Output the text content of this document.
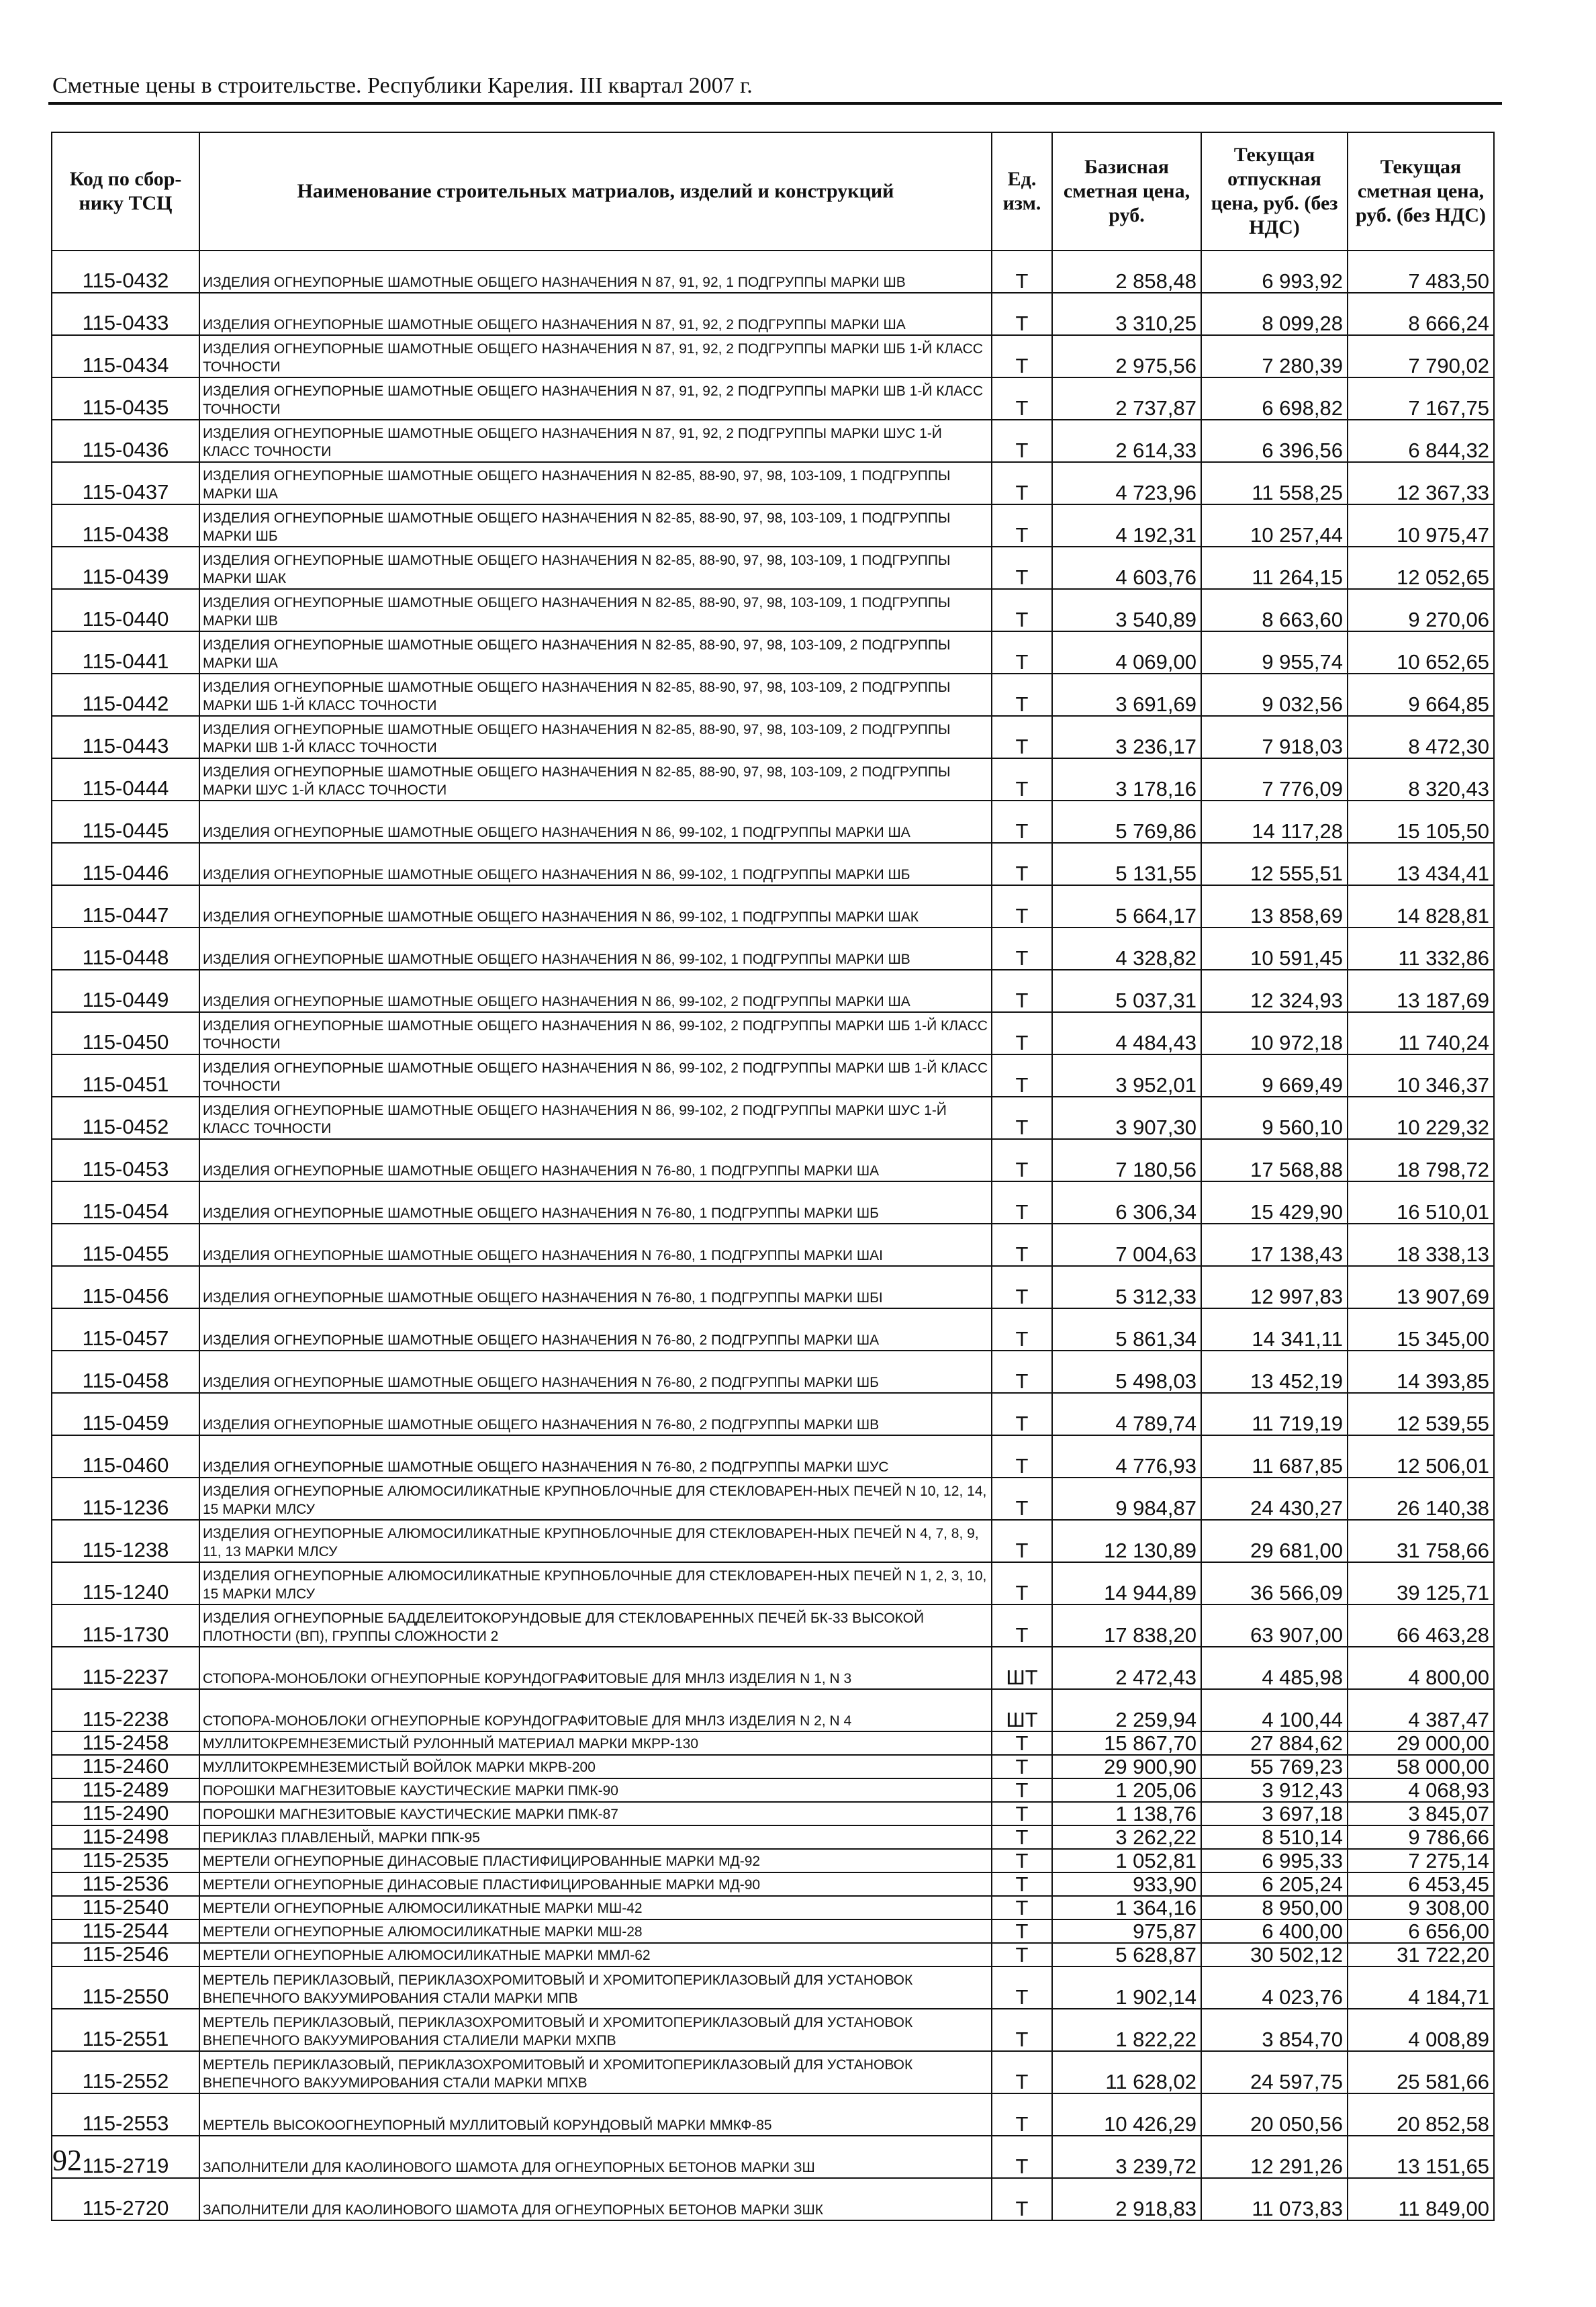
Сметные цены в строительстве. Республики Карелия. III квартал 2007 г.
Код по сбор-нику ТСЦ	Наименование строительных матриалов, изделий и конструкций	Ед. изм.	Базисная сметная цена, руб.	Текущая отпускная цена, руб. (без НДС)	Текущая сметная цена, руб. (без НДС)
115-0432	ИЗДЕЛИЯ ОГНЕУПОРНЫЕ ШАМОТНЫЕ ОБЩЕГО НАЗНАЧЕНИЯ N 87, 91, 92, 1 ПОДГРУППЫ МАРКИ ШВ	Т	2 858,48	6 993,92	7 483,50
115-0433	ИЗДЕЛИЯ ОГНЕУПОРНЫЕ ШАМОТНЫЕ ОБЩЕГО НАЗНАЧЕНИЯ N 87, 91, 92, 2 ПОДГРУППЫ МАРКИ ША	Т	3 310,25	8 099,28	8 666,24
115-0434	ИЗДЕЛИЯ ОГНЕУПОРНЫЕ ШАМОТНЫЕ ОБЩЕГО НАЗНАЧЕНИЯ N 87, 91, 92, 2 ПОДГРУППЫ МАРКИ ШБ 1-Й КЛАСС ТОЧНОСТИ	Т	2 975,56	7 280,39	7 790,02
115-0435	ИЗДЕЛИЯ ОГНЕУПОРНЫЕ ШАМОТНЫЕ ОБЩЕГО НАЗНАЧЕНИЯ N 87, 91, 92, 2 ПОДГРУППЫ МАРКИ ШВ 1-Й КЛАСС ТОЧНОСТИ	Т	2 737,87	6 698,82	7 167,75
115-0436	ИЗДЕЛИЯ ОГНЕУПОРНЫЕ ШАМОТНЫЕ ОБЩЕГО НАЗНАЧЕНИЯ N 87, 91, 92, 2 ПОДГРУППЫ МАРКИ ШУС 1-Й КЛАСС ТОЧНОСТИ	Т	2 614,33	6 396,56	6 844,32
115-0437	ИЗДЕЛИЯ ОГНЕУПОРНЫЕ ШАМОТНЫЕ ОБЩЕГО НАЗНАЧЕНИЯ N 82-85, 88-90, 97, 98, 103-109, 1 ПОДГРУППЫ МАРКИ ША	Т	4 723,96	11 558,25	12 367,33
115-0438	ИЗДЕЛИЯ ОГНЕУПОРНЫЕ ШАМОТНЫЕ ОБЩЕГО НАЗНАЧЕНИЯ N 82-85, 88-90, 97, 98, 103-109, 1 ПОДГРУППЫ МАРКИ ШБ	Т	4 192,31	10 257,44	10 975,47
115-0439	ИЗДЕЛИЯ ОГНЕУПОРНЫЕ ШАМОТНЫЕ ОБЩЕГО НАЗНАЧЕНИЯ N 82-85, 88-90, 97, 98, 103-109, 1 ПОДГРУППЫ МАРКИ ШАК	Т	4 603,76	11 264,15	12 052,65
115-0440	ИЗДЕЛИЯ ОГНЕУПОРНЫЕ ШАМОТНЫЕ ОБЩЕГО НАЗНАЧЕНИЯ N 82-85, 88-90, 97, 98, 103-109, 1 ПОДГРУППЫ МАРКИ ШВ	Т	3 540,89	8 663,60	9 270,06
115-0441	ИЗДЕЛИЯ ОГНЕУПОРНЫЕ ШАМОТНЫЕ ОБЩЕГО НАЗНАЧЕНИЯ N 82-85, 88-90, 97, 98, 103-109, 2 ПОДГРУППЫ МАРКИ ША	Т	4 069,00	9 955,74	10 652,65
115-0442	ИЗДЕЛИЯ ОГНЕУПОРНЫЕ ШАМОТНЫЕ ОБЩЕГО НАЗНАЧЕНИЯ N 82-85, 88-90, 97, 98, 103-109, 2 ПОДГРУППЫ МАРКИ ШБ 1-Й КЛАСС ТОЧНОСТИ	Т	3 691,69	9 032,56	9 664,85
115-0443	ИЗДЕЛИЯ ОГНЕУПОРНЫЕ ШАМОТНЫЕ ОБЩЕГО НАЗНАЧЕНИЯ N 82-85, 88-90, 97, 98, 103-109, 2 ПОДГРУППЫ МАРКИ ШВ 1-Й КЛАСС ТОЧНОСТИ	Т	3 236,17	7 918,03	8 472,30
115-0444	ИЗДЕЛИЯ ОГНЕУПОРНЫЕ ШАМОТНЫЕ ОБЩЕГО НАЗНАЧЕНИЯ N 82-85, 88-90, 97, 98, 103-109, 2 ПОДГРУППЫ МАРКИ ШУС 1-Й КЛАСС ТОЧНОСТИ	Т	3 178,16	7 776,09	8 320,43
115-0445	ИЗДЕЛИЯ ОГНЕУПОРНЫЕ ШАМОТНЫЕ ОБЩЕГО НАЗНАЧЕНИЯ N 86, 99-102, 1 ПОДГРУППЫ МАРКИ ША	Т	5 769,86	14 117,28	15 105,50
115-0446	ИЗДЕЛИЯ ОГНЕУПОРНЫЕ ШАМОТНЫЕ ОБЩЕГО НАЗНАЧЕНИЯ N 86, 99-102, 1 ПОДГРУППЫ МАРКИ ШБ	Т	5 131,55	12 555,51	13 434,41
115-0447	ИЗДЕЛИЯ ОГНЕУПОРНЫЕ ШАМОТНЫЕ ОБЩЕГО НАЗНАЧЕНИЯ N 86, 99-102, 1 ПОДГРУППЫ МАРКИ ШАК	Т	5 664,17	13 858,69	14 828,81
115-0448	ИЗДЕЛИЯ ОГНЕУПОРНЫЕ ШАМОТНЫЕ ОБЩЕГО НАЗНАЧЕНИЯ N 86, 99-102, 1 ПОДГРУППЫ МАРКИ ШВ	Т	4 328,82	10 591,45	11 332,86
115-0449	ИЗДЕЛИЯ ОГНЕУПОРНЫЕ ШАМОТНЫЕ ОБЩЕГО НАЗНАЧЕНИЯ N 86, 99-102, 2 ПОДГРУППЫ МАРКИ ША	Т	5 037,31	12 324,93	13 187,69
115-0450	ИЗДЕЛИЯ ОГНЕУПОРНЫЕ ШАМОТНЫЕ ОБЩЕГО НАЗНАЧЕНИЯ N 86, 99-102, 2 ПОДГРУППЫ МАРКИ ШБ 1-Й КЛАСС ТОЧНОСТИ	Т	4 484,43	10 972,18	11 740,24
115-0451	ИЗДЕЛИЯ ОГНЕУПОРНЫЕ ШАМОТНЫЕ ОБЩЕГО НАЗНАЧЕНИЯ N 86, 99-102, 2 ПОДГРУППЫ МАРКИ ШВ 1-Й КЛАСС ТОЧНОСТИ	Т	3 952,01	9 669,49	10 346,37
115-0452	ИЗДЕЛИЯ ОГНЕУПОРНЫЕ ШАМОТНЫЕ ОБЩЕГО НАЗНАЧЕНИЯ N 86, 99-102, 2 ПОДГРУППЫ МАРКИ ШУС 1-Й КЛАСС ТОЧНОСТИ	Т	3 907,30	9 560,10	10 229,32
115-0453	ИЗДЕЛИЯ ОГНЕУПОРНЫЕ ШАМОТНЫЕ ОБЩЕГО НАЗНАЧЕНИЯ N 76-80, 1 ПОДГРУППЫ МАРКИ ША	Т	7 180,56	17 568,88	18 798,72
115-0454	ИЗДЕЛИЯ ОГНЕУПОРНЫЕ ШАМОТНЫЕ ОБЩЕГО НАЗНАЧЕНИЯ N 76-80, 1 ПОДГРУППЫ МАРКИ ШБ	Т	6 306,34	15 429,90	16 510,01
115-0455	ИЗДЕЛИЯ ОГНЕУПОРНЫЕ ШАМОТНЫЕ ОБЩЕГО НАЗНАЧЕНИЯ N 76-80, 1 ПОДГРУППЫ МАРКИ ШАІ	Т	7 004,63	17 138,43	18 338,13
115-0456	ИЗДЕЛИЯ ОГНЕУПОРНЫЕ ШАМОТНЫЕ ОБЩЕГО НАЗНАЧЕНИЯ N 76-80, 1 ПОДГРУППЫ МАРКИ ШБІ	Т	5 312,33	12 997,83	13 907,69
115-0457	ИЗДЕЛИЯ ОГНЕУПОРНЫЕ ШАМОТНЫЕ ОБЩЕГО НАЗНАЧЕНИЯ N 76-80, 2 ПОДГРУППЫ МАРКИ ША	Т	5 861,34	14 341,11	15 345,00
115-0458	ИЗДЕЛИЯ ОГНЕУПОРНЫЕ ШАМОТНЫЕ ОБЩЕГО НАЗНАЧЕНИЯ N 76-80, 2 ПОДГРУППЫ МАРКИ ШБ	Т	5 498,03	13 452,19	14 393,85
115-0459	ИЗДЕЛИЯ ОГНЕУПОРНЫЕ ШАМОТНЫЕ ОБЩЕГО НАЗНАЧЕНИЯ N 76-80, 2 ПОДГРУППЫ МАРКИ ШВ	Т	4 789,74	11 719,19	12 539,55
115-0460	ИЗДЕЛИЯ ОГНЕУПОРНЫЕ ШАМОТНЫЕ ОБЩЕГО НАЗНАЧЕНИЯ N 76-80, 2 ПОДГРУППЫ МАРКИ ШУС	Т	4 776,93	11 687,85	12 506,01
115-1236	ИЗДЕЛИЯ ОГНЕУПОРНЫЕ АЛЮМОСИЛИКАТНЫЕ КРУПНОБЛОЧНЫЕ ДЛЯ СТЕКЛОВАРЕН-НЫХ ПЕЧЕЙ N 10, 12, 14, 15 МАРКИ МЛСУ	Т	9 984,87	24 430,27	26 140,38
115-1238	ИЗДЕЛИЯ ОГНЕУПОРНЫЕ АЛЮМОСИЛИКАТНЫЕ КРУПНОБЛОЧНЫЕ ДЛЯ СТЕКЛОВАРЕН-НЫХ ПЕЧЕЙ N 4, 7, 8, 9, 11, 13 МАРКИ МЛСУ	Т	12 130,89	29 681,00	31 758,66
115-1240	ИЗДЕЛИЯ ОГНЕУПОРНЫЕ АЛЮМОСИЛИКАТНЫЕ КРУПНОБЛОЧНЫЕ ДЛЯ СТЕКЛОВАРЕН-НЫХ ПЕЧЕЙ N 1, 2, 3, 10, 15 МАРКИ МЛСУ	Т	14 944,89	36 566,09	39 125,71
115-1730	ИЗДЕЛИЯ ОГНЕУПОРНЫЕ БАДДЕЛЕИТОКОРУНДОВЫЕ ДЛЯ СТЕКЛОВАРЕННЫХ ПЕЧЕЙ БК-33 ВЫСОКОЙ ПЛОТНОСТИ (ВП), ГРУППЫ СЛОЖНОСТИ 2	Т	17 838,20	63 907,00	66 463,28
115-2237	СТОПОРА-МОНОБЛОКИ ОГНЕУПОРНЫЕ КОРУНДОГРАФИТОВЫЕ ДЛЯ МНЛЗ ИЗДЕЛИЯ N 1, N 3	ШТ	2 472,43	4 485,98	4 800,00
115-2238	СТОПОРА-МОНОБЛОКИ ОГНЕУПОРНЫЕ КОРУНДОГРАФИТОВЫЕ ДЛЯ МНЛЗ ИЗДЕЛИЯ N 2, N 4	ШТ	2 259,94	4 100,44	4 387,47
115-2458	МУЛЛИТОКРЕМНЕЗЕМИСТЫЙ РУЛОННЫЙ МАТЕРИАЛ МАРКИ МКРР-130	Т	15 867,70	27 884,62	29 000,00
115-2460	МУЛЛИТОКРЕМНЕЗЕМИСТЫЙ ВОЙЛОК МАРКИ МКРВ-200	Т	29 900,90	55 769,23	58 000,00
115-2489	ПОРОШКИ МАГНЕЗИТОВЫЕ КАУСТИЧЕСКИЕ МАРКИ ПМК-90	Т	1 205,06	3 912,43	4 068,93
115-2490	ПОРОШКИ МАГНЕЗИТОВЫЕ КАУСТИЧЕСКИЕ МАРКИ ПМК-87	Т	1 138,76	3 697,18	3 845,07
115-2498	ПЕРИКЛАЗ ПЛАВЛЕНЫЙ, МАРКИ ППК-95	Т	3 262,22	8 510,14	9 786,66
115-2535	МЕРТЕЛИ ОГНЕУПОРНЫЕ ДИНАСОВЫЕ ПЛАСТИФИЦИРОВАННЫЕ МАРКИ МД-92	Т	1 052,81	6 995,33	7 275,14
115-2536	МЕРТЕЛИ ОГНЕУПОРНЫЕ ДИНАСОВЫЕ ПЛАСТИФИЦИРОВАННЫЕ МАРКИ МД-90	Т	933,90	6 205,24	6 453,45
115-2540	МЕРТЕЛИ ОГНЕУПОРНЫЕ АЛЮМОСИЛИКАТНЫЕ МАРКИ МШ-42	Т	1 364,16	8 950,00	9 308,00
115-2544	МЕРТЕЛИ ОГНЕУПОРНЫЕ АЛЮМОСИЛИКАТНЫЕ МАРКИ МШ-28	Т	975,87	6 400,00	6 656,00
115-2546	МЕРТЕЛИ ОГНЕУПОРНЫЕ АЛЮМОСИЛИКАТНЫЕ МАРКИ ММЛ-62	Т	5 628,87	30 502,12	31 722,20
115-2550	МЕРТЕЛЬ ПЕРИКЛАЗОВЫЙ, ПЕРИКЛАЗОХРОМИТОВЫЙ И ХРОМИТОПЕРИКЛАЗОВЫЙ ДЛЯ УСТАНОВОК ВНЕПЕЧНОГО ВАКУУМИРОВАНИЯ СТАЛИ МАРКИ МПВ	Т	1 902,14	4 023,76	4 184,71
115-2551	МЕРТЕЛЬ ПЕРИКЛАЗОВЫЙ, ПЕРИКЛАЗОХРОМИТОВЫЙ И ХРОМИТОПЕРИКЛАЗОВЫЙ ДЛЯ УСТАНОВОК ВНЕПЕЧНОГО ВАКУУМИРОВАНИЯ СТАЛИЕЛИ МАРКИ МХПВ	Т	1 822,22	3 854,70	4 008,89
115-2552	МЕРТЕЛЬ ПЕРИКЛАЗОВЫЙ, ПЕРИКЛАЗОХРОМИТОВЫЙ И ХРОМИТОПЕРИКЛАЗОВЫЙ ДЛЯ УСТАНОВОК ВНЕПЕЧНОГО ВАКУУМИРОВАНИЯ СТАЛИ МАРКИ МПХВ	Т	11 628,02	24 597,75	25 581,66
115-2553	МЕРТЕЛЬ ВЫСОКООГНЕУПОРНЫЙ МУЛЛИТОВЫЙ КОРУНДОВЫЙ МАРКИ ММКФ-85	Т	10 426,29	20 050,56	20 852,58
115-2719	ЗАПОЛНИТЕЛИ ДЛЯ КАОЛИНОВОГО ШАМОТА ДЛЯ ОГНЕУПОРНЫХ БЕТОНОВ МАРКИ ЗШ	Т	3 239,72	12 291,26	13 151,65
115-2720	ЗАПОЛНИТЕЛИ ДЛЯ КАОЛИНОВОГО ШАМОТА ДЛЯ ОГНЕУПОРНЫХ БЕТОНОВ МАРКИ ЗШК	Т	2 918,83	11 073,83	11 849,00
92
